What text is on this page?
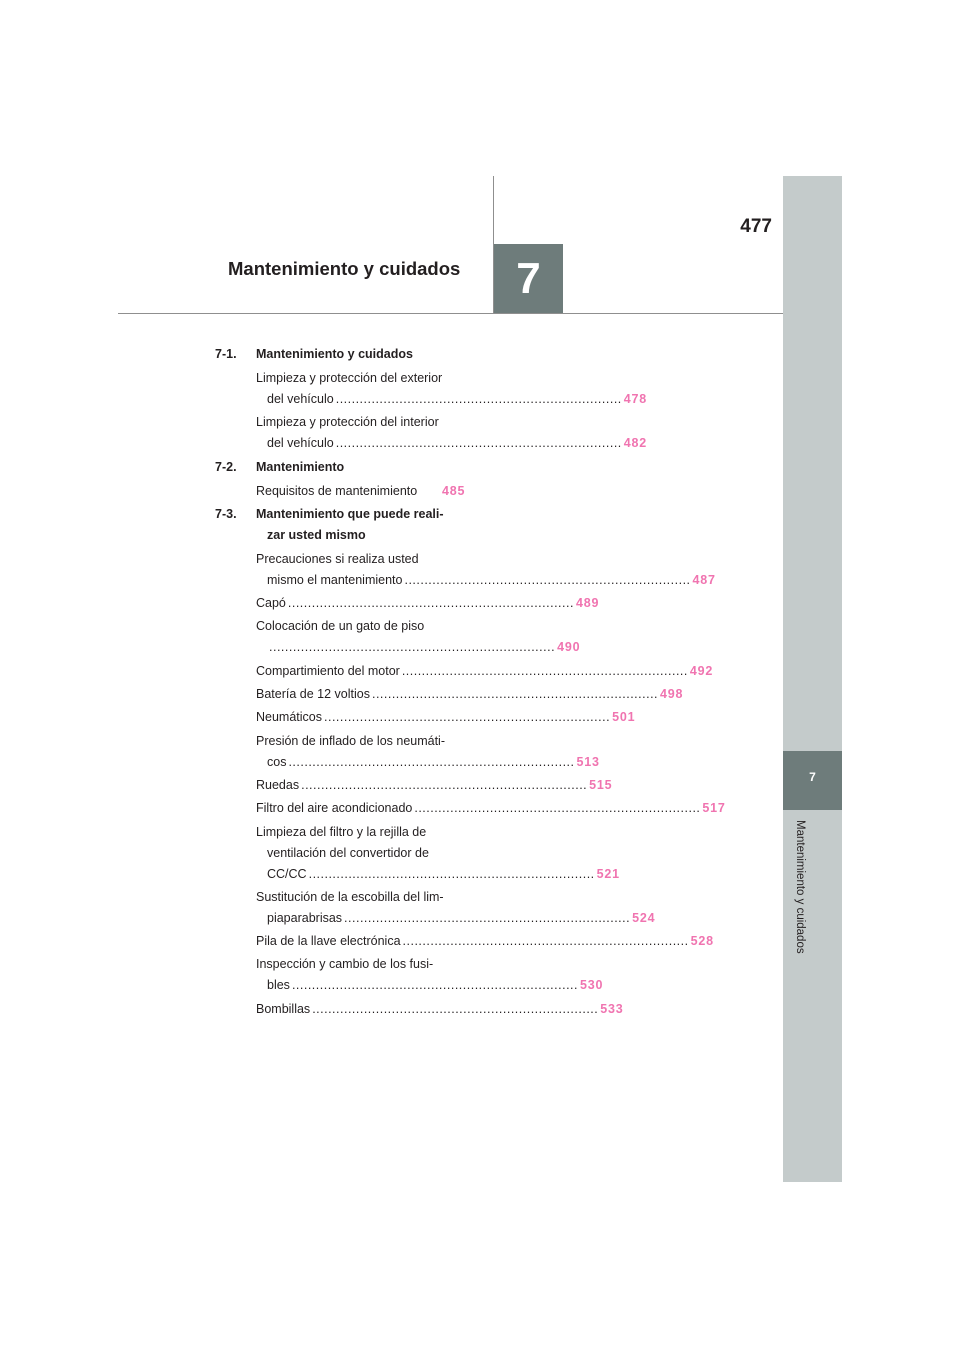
7
Mantenimiento y cuidados
7
477
Mantenimiento y cuidados
7-1.	Mantenimiento y cuidados
Limpieza y protección del exterior
del vehículo ........................................................................ 478
Limpieza y protección del interior
del vehículo ........................................................................ 482
7-2.	Mantenimiento
Requisitos de mantenimiento 485
7-3.	Mantenimiento que puede reali-
zar usted mismo
Precauciones si realiza usted
mismo el mantenimiento ........................................................................ 487
Capó ........................................................................ 489
Colocación de un gato de piso
........................................................................ 490
Compartimiento del motor ........................................................................ 492
Batería de 12 voltios ........................................................................ 498
Neumáticos ........................................................................ 501
Presión de inflado de los neumáti-
cos ........................................................................ 513
Ruedas ........................................................................ 515
Filtro del aire acondicionado ........................................................................ 517
Limpieza del filtro y la rejilla de
ventilación del convertidor de
CC/CC ........................................................................ 521
Sustitución de la escobilla del lim-
piaparabrisas ........................................................................ 524
Pila de la llave electrónica ........................................................................ 528
Inspección y cambio de los fusi-
bles ........................................................................ 530
Bombillas ........................................................................ 533
